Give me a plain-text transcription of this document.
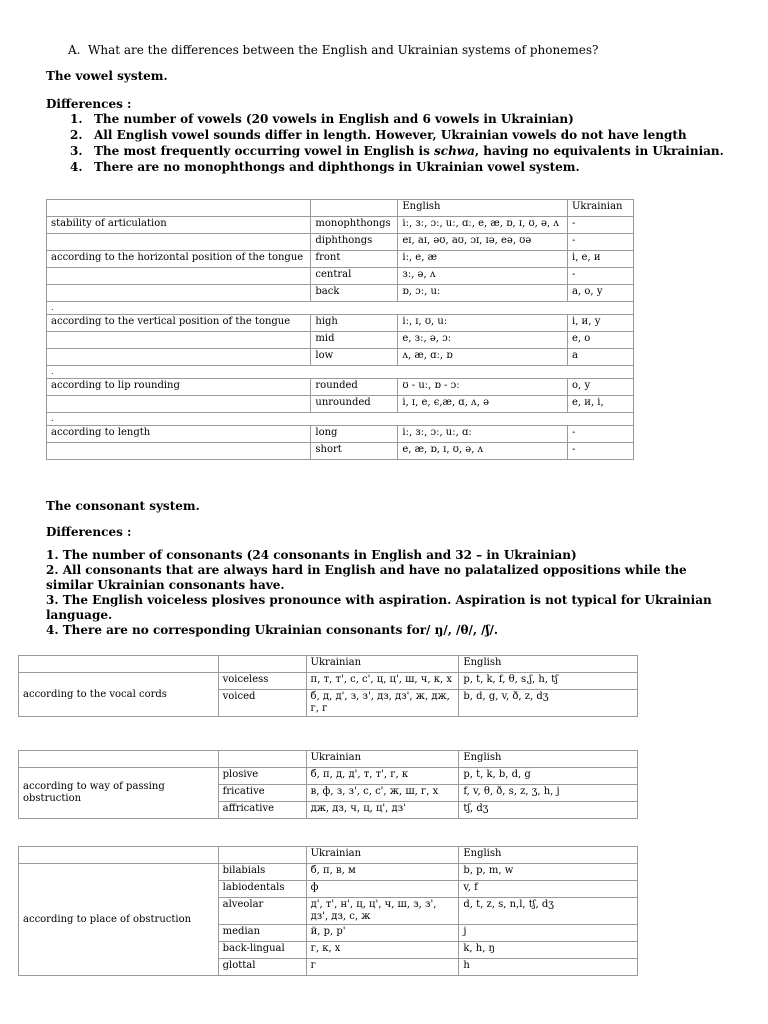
A. What are the differences between the English and Ukrainian systems of phonemes?
The vowel system.
Differences :
1. The number of vowels (20 vowels in English and 6 vowels in Ukrainian)
2. All English vowel sounds differ in length. However, Ukrainian vowels do not have length
3. The most frequently occurring vowel in English is schwa, having no equivalents in Ukrainian.
4. There are no monophthongs and diphthongs in Ukrainian vowel system.
		English	Ukrainian
stability of articulation	monophthongs	iː, зː, ɔː, uː, ɑː, e, æ, ɒ, ɪ, ʊ, ə, ʌ	-
	diphthongs	eɪ, aɪ, əʊ, aʊ, ɔɪ, ɪə, eə, ʊə	-
according to the horizontal position of the tongue	front	iː, e, æ	і, е, и
	central	зː, ə, ʌ	-
	back	ɒ, ɔː, uː	а, о, у
.			
according to the vertical position of the tongue	high	iː, ɪ, ʊ, uː	і, и, у
	mid	e, зː, ə, ɔː	е, о
	low	ʌ, æ, ɑː, ɒ	а
.			
according to lip rounding	rounded	ʊ - uː, ɒ - ɔː	о, у
	unrounded	i, ɪ, e, є,æ, ɑ, ʌ, ə	е, и, і,
.			
according to length	long	iː, зː, ɔː, uː, ɑː	-
	short	e, æ, ɒ, ɪ, ʊ, ə, ʌ	-
The consonant system.
Differences :
1. The number of consonants (24 consonants in English and 32 – in Ukrainian)
2. All consonants that are always hard in English and have no palatalized oppositions while the similar Ukrainian consonants have.
3. The English voiceless plosives pronounce with aspiration. Aspiration is not typical for Ukrainian language.
4. There are no corresponding Ukrainian consonants for/ ŋ/, /θ/, /ʃ/.
		Ukrainian	English
according to the vocal cords	voiceless	п, т, т', с, с', ц, ц', ш, ч, к, х	p, t, k, f, θ, s,ʃ, h, tʃ
	voiced	б, д, д', з, з', дз, дз', ж, дж, г, г	b, d, g, v, ð, z, dʒ
		Ukrainian	English
according to way of passing obstruction	plosive	б, п, д, д', т, т', г, к	p, t, k, b, d, g
	fricative	в, ф, з, з', с, с', ж, ш, г, х	f, v, θ, ð, s, z, ʒ, h, j
	affricative	дж, дз, ч, ц, ц', дз'	tʃ, dʒ
		Ukrainian	English
according to place of obstruction	bilabials	б, п, в, м	b, p, m, w
	labiodentals	ф	v, f
	alveolar	д', т', н', ц, ц', ч, ш, з, з', дз', дз, с, ж	d, t, z, s, n,l, tʃ, dʒ
	median	й, р, р'	j
	back-lingual	г, к, х	k, h, ŋ
	glottal	г	h
